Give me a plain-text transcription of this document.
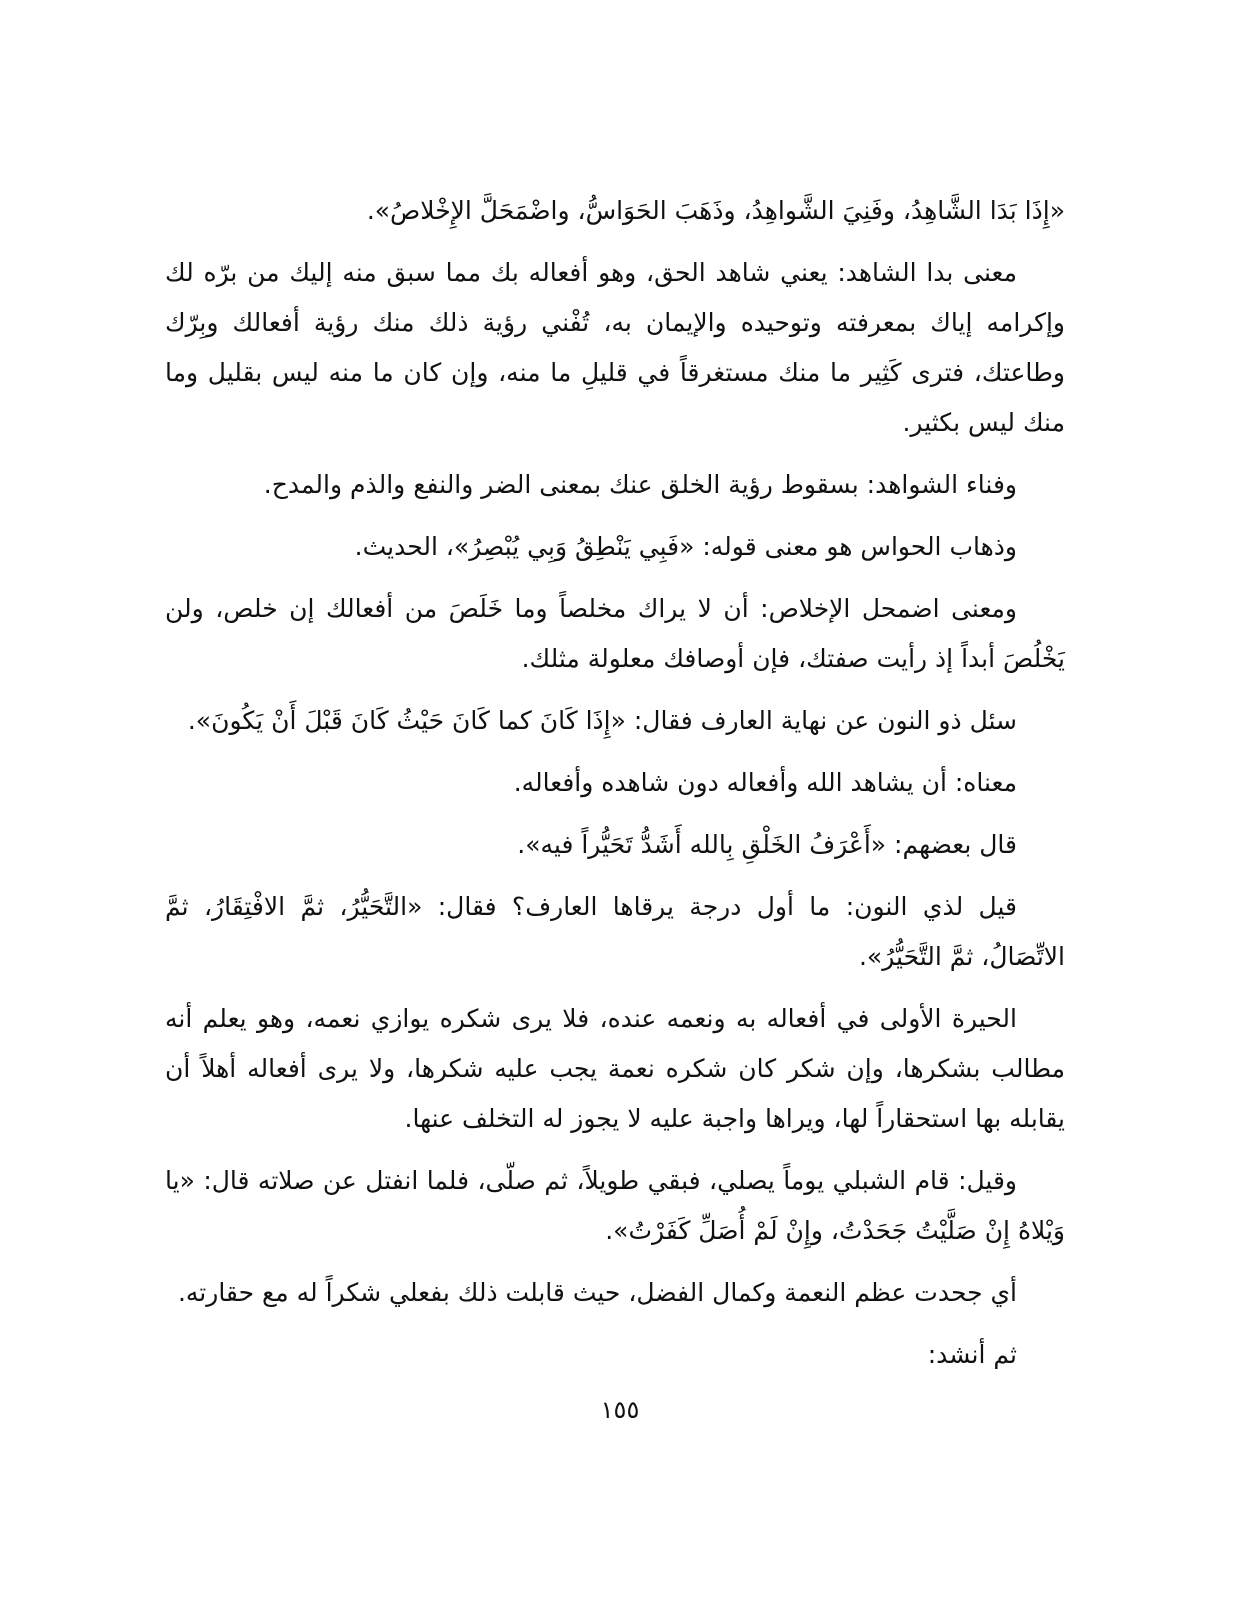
«إِذَا بَدَا الشَّاهِدُ، وفَنِيَ الشَّواهِدُ، وذَهَبَ الحَوَاسُّ، واضْمَحَلَّ الإِخْلاصُ».

معنى بدا الشاهد: يعني شاهد الحق، وهو أفعاله بك مما سبق منه إليك من برّه لك وإكرامه إياك بمعرفته وتوحيده والإيمان به، تُفْني رؤية ذلك منك رؤية أفعالك وبِرّك وطاعتك، فترى كَثِير ما منك مستغرقاً في قليلِ ما منه، وإن كان ما منه ليس بقليل وما منك ليس بكثير.

وفناء الشواهد: بسقوط رؤية الخلق عنك بمعنى الضر والنفع والذم والمدح.

وذهاب الحواس هو معنى قوله: «فَبِي يَنْطِقُ وَبِي يُبْصِرُ»، الحديث.

ومعنى اضمحل الإخلاص: أن لا يراك مخلصاً وما خَلَصَ من أفعالك إن خلص، ولن يَخْلُصَ أبداً إذ رأيت صفتك، فإن أوصافك معلولة مثلك.

سئل ذو النون عن نهاية العارف فقال: «إِذَا كَانَ كما كَانَ حَيْثُ كَانَ قَبْلَ أَنْ يَكُونَ».

معناه: أن يشاهد الله وأفعاله دون شاهده وأفعاله.

قال بعضهم: «أَعْرَفُ الخَلْقِ بِالله أَشَدُّ تَحَيُّراً فيه».

قيل لذي النون: ما أول درجة يرقاها العارف؟ فقال: «التَّحَيُّرُ، ثمَّ الافْتِقَارُ، ثمَّ الاتِّصَالُ، ثمَّ التَّحَيُّرُ».

الحيرة الأولى في أفعاله به ونعمه عنده، فلا يرى شكره يوازي نعمه، وهو يعلم أنه مطالب بشكرها، وإن شكر كان شكره نعمة يجب عليه شكرها، ولا يرى أفعاله أهلاً أن يقابله بها استحقاراً لها، ويراها واجبة عليه لا يجوز له التخلف عنها.

وقيل: قام الشبلي يوماً يصلي، فبقي طويلاً، ثم صلّى، فلما انفتل عن صلاته قال: «يا وَيْلاهُ إِنْ صَلَّيْتُ جَحَدْتُ، وإِنْ لَمْ أُصَلِّ كَفَرْتُ».

أي جحدت عظم النعمة وكمال الفضل، حيث قابلت ذلك بفعلي شكراً له مع حقارته.

ثم أنشد:

١٥٥
